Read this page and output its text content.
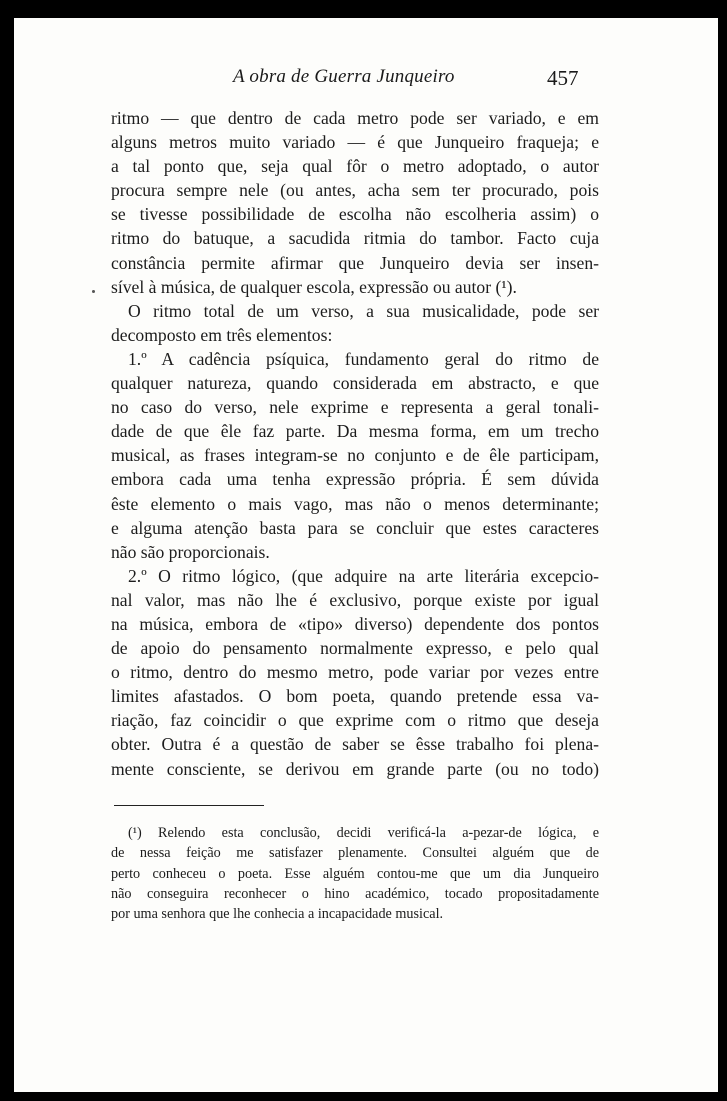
A obra de Guerra Junqueiro	457
ritmo — que dentro de cada metro pode ser variado, e em
alguns metros muito variado — é que Junqueiro fraqueja; e
a tal ponto que, seja qual fôr o metro adoptado, o autor
procura sempre nele (ou antes, acha sem ter procurado, pois
se tivesse possibilidade de escolha não escolheria assim) o
ritmo do batuque, a sacudida ritmia do tambor. Facto cuja
constância permite afirmar que Junqueiro devia ser insen-
sível à música, de qualquer escola, expressão ou autor (¹).
O ritmo total de um verso, a sua musicalidade, pode ser
decomposto em três elementos:
1.º A cadência psíquica, fundamento geral do ritmo de
qualquer natureza, quando considerada em abstracto, e que
no caso do verso, nele exprime e representa a geral tonali-
dade de que êle faz parte. Da mesma forma, em um trecho
musical, as frases integram-se no conjunto e de êle participam,
embora cada uma tenha expressão própria. É sem dúvida
êste elemento o mais vago, mas não o menos determinante;
e alguma atenção basta para se concluir que estes caracteres
não são proporcionais.
2.º O ritmo lógico, (que adquire na arte literária excepcio-
nal valor, mas não lhe é exclusivo, porque existe por igual
na música, embora de «tipo» diverso) dependente dos pontos
de apoio do pensamento normalmente expresso, e pelo qual
o ritmo, dentro do mesmo metro, pode variar por vezes entre
limites afastados. O bom poeta, quando pretende essa va-
riação, faz coincidir o que exprime com o ritmo que deseja
obter. Outra é a questão de saber se êsse trabalho foi plena-
mente consciente, se derivou em grande parte (ou no todo)
(¹) Relendo esta conclusão, decidi verificá-la a-pezar-de lógica, e
de nessa feição me satisfazer plenamente. Consultei alguém que de
perto conheceu o poeta. Esse alguém contou-me que um dia Junqueiro
não conseguira reconhecer o hino académico, tocado propositadamente
por uma senhora que lhe conhecia a incapacidade musical.
